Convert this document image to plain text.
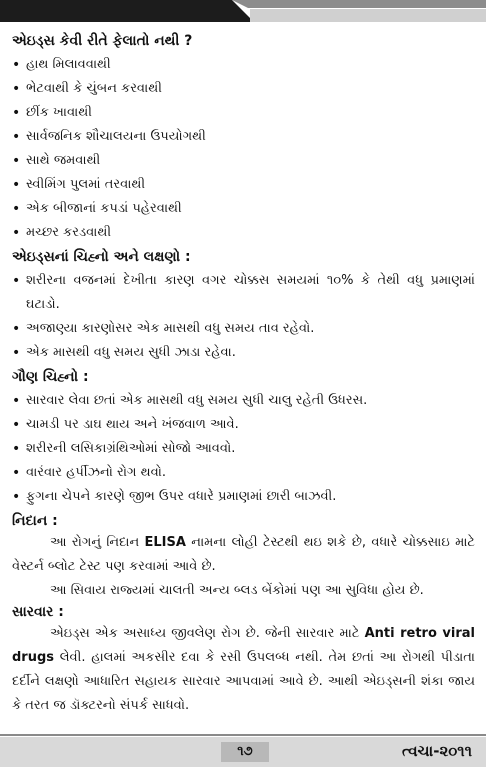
એઇડ્સ કેવી રીતે ફેલાતો નથી ?

• હાથ મિલાવવાથી
• ભેટવાથી કે ચુંબન કરવાથી
• છીંક ખાવાથી
• સાર્વજનિક શૌચાલયના ઉપયોગથી
• સાથે જમવાથી
• સ્વીમિંગ પુલમાં તરવાથી
• એક બીજાનાં કપડાં પહેરવાથી
• મચ્છર કરડવાથી

એઇડ્સનાં ચિહ્નો અને લક્ષણો :

• શરીરના વજનમાં દેખીતા કારણ વગર ચોક્કસ સમયમાં ૧૦% કે તેથી વધુ પ્રમાણમાં ઘટાડો.
• અજાણ્યા કારણોસર એક માસથી વધુ સમય તાવ રહેવો.
• એક માસથી વધુ સમય સુધી ઝાડા રહેવા.

ગૌણ ચિહ્નો :

• સારવાર લેવા છતાં એક માસથી વધુ સમય સુધી ચાલુ રહેતી ઉધરસ.
• ચામડી પર ડાઘ થાય અને ખંજવાળ આવે.
• શરીરની લસિકાગ્રંથિઓમાં સોજો આવવો.
• વારંવાર હર્પીઝનો રોગ થવો.
• ફુગના ચેપને કારણે જીભ ઉપર વધારે પ્રમાણમાં છારી બાઝવી.

નિદાન :

આ રોગનું નિદાન ELISA નામના લોહી ટેસ્ટથી થઇ શકે છે, વધારે ચોક્કસાઇ માટે વેસ્ટર્ન બ્લોટ ટેસ્ટ પણ કરવામાં આવે છે.

આ સિવાય રાજ્યમાં ચાલતી અન્ય બ્લડ બેંકોમાં પણ આ સુવિધા હોય છે.

સારવાર :

એઇડ્સ એક અસાધ્ય જીવલેણ રોગ છે. જેની સારવાર માટે Anti retro viral drugs લેવી. હાલમાં અકસીર દવા કે રસી ઉપલબ્ધ નથી. તેમ છતાં આ રોગથી પીડાતા દર્દીને લક્ષણો આધારિત સહાયક સારવાર આપવામાં આવે છે. આથી એઇડ્સની શંકા જાય કે તરત જ ડૉક્ટરનો સંપર્ક સાધવો.

૧૭	ત્વચા-૨૦૧૧
